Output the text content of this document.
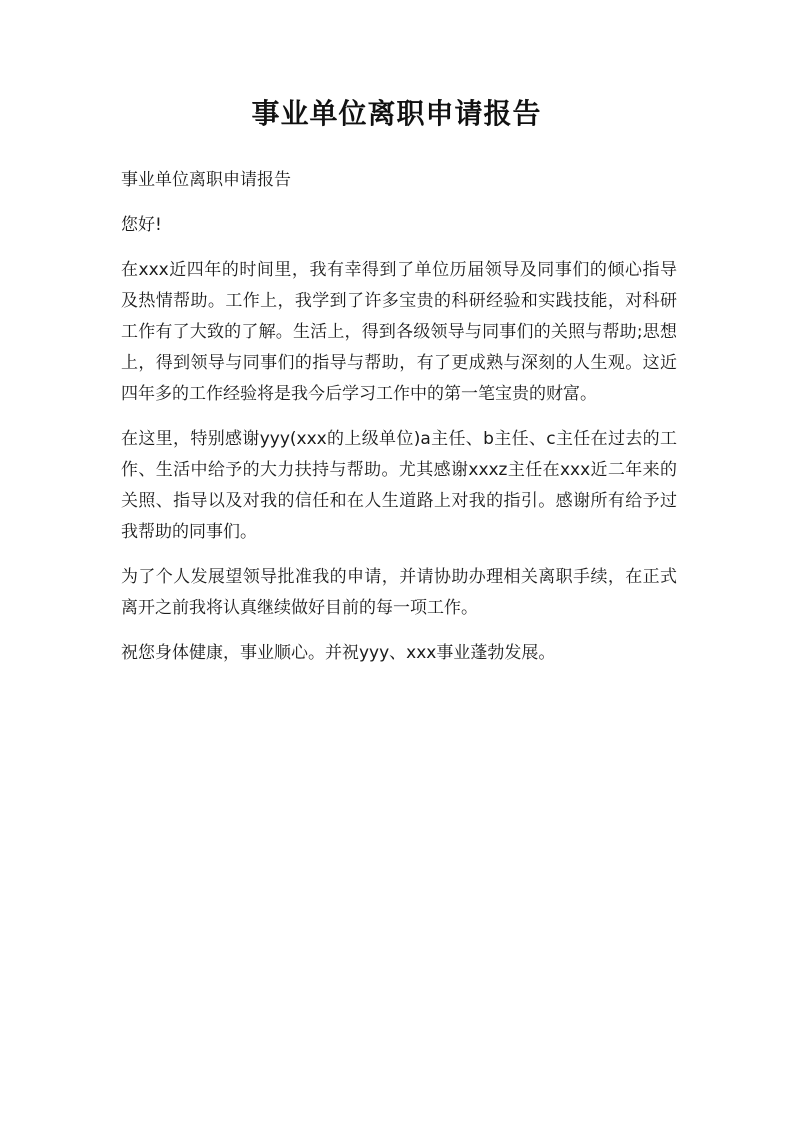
事业单位离职申请报告

事业单位离职申请报告

您好!

在xxx近四年的时间里，我有幸得到了单位历届领导及同事们的倾心指导及热情帮助。工作上，我学到了许多宝贵的科研经验和实践技能，对科研工作有了大致的了解。生活上，得到各级领导与同事们的关照与帮助;思想上，得到领导与同事们的指导与帮助，有了更成熟与深刻的人生观。这近四年多的工作经验将是我今后学习工作中的第一笔宝贵的财富。

在这里，特别感谢yyy(xxx的上级单位)a主任、b主任、c主任在过去的工作、生活中给予的大力扶持与帮助。尤其感谢xxxz主任在xxx近二年来的关照、指导以及对我的信任和在人生道路上对我的指引。感谢所有给予过我帮助的同事们。

为了个人发展望领导批准我的申请，并请协助办理相关离职手续，在正式离开之前我将认真继续做好目前的每一项工作。

祝您身体健康，事业顺心。并祝yyy、xxx事业蓬勃发展。
